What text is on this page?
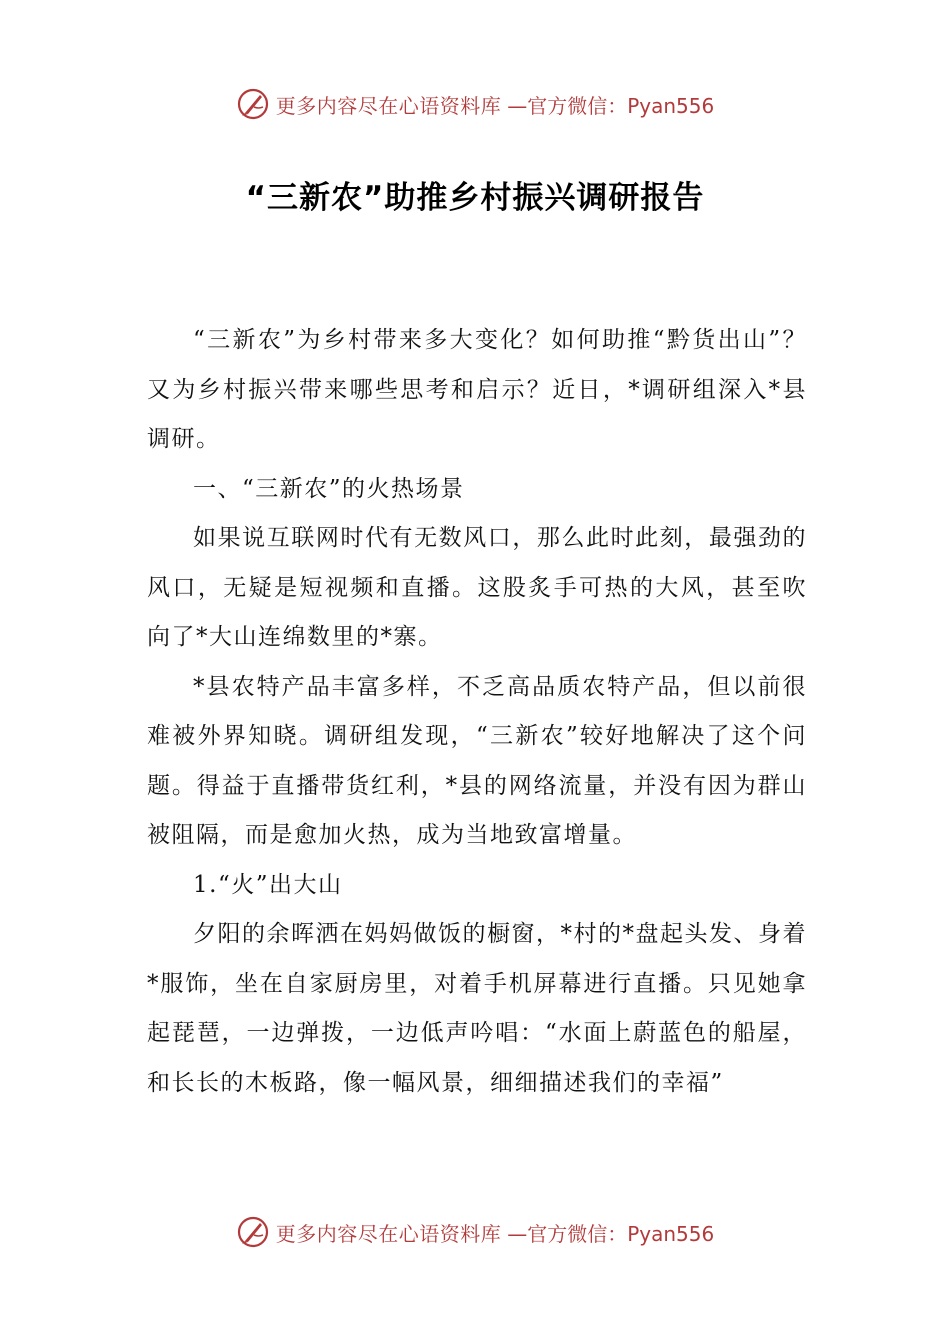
更多内容尽在心语资料库 —官方微信：Pyan556
“三新农”助推乡村振兴调研报告

“三新农”为乡村带来多大变化？如何助推“黔货出山”？又为乡村振兴带来哪些思考和启示？近日，*调研组深入*县调研。

一、“三新农”的火热场景

如果说互联网时代有无数风口，那么此时此刻，最强劲的风口，无疑是短视频和直播。这股炙手可热的大风，甚至吹向了*大山连绵数里的*寨。

*县农特产品丰富多样，不乏高品质农特产品，但以前很难被外界知晓。调研组发现，“三新农”较好地解决了这个问题。得益于直播带货红利，*县的网络流量，并没有因为群山被阻隔，而是愈加火热，成为当地致富增量。

1.“火”出大山

夕阳的余晖洒在妈妈做饭的橱窗，*村的*盘起头发、身着*服饰，坐在自家厨房里，对着手机屏幕进行直播。只见她拿起琵琶，一边弹拨，一边低声吟唱：“水面上蔚蓝色的船屋，和长长的木板路，像一幅风景，细细描述我们的幸福”

更多内容尽在心语资料库 —官方微信：Pyan556
